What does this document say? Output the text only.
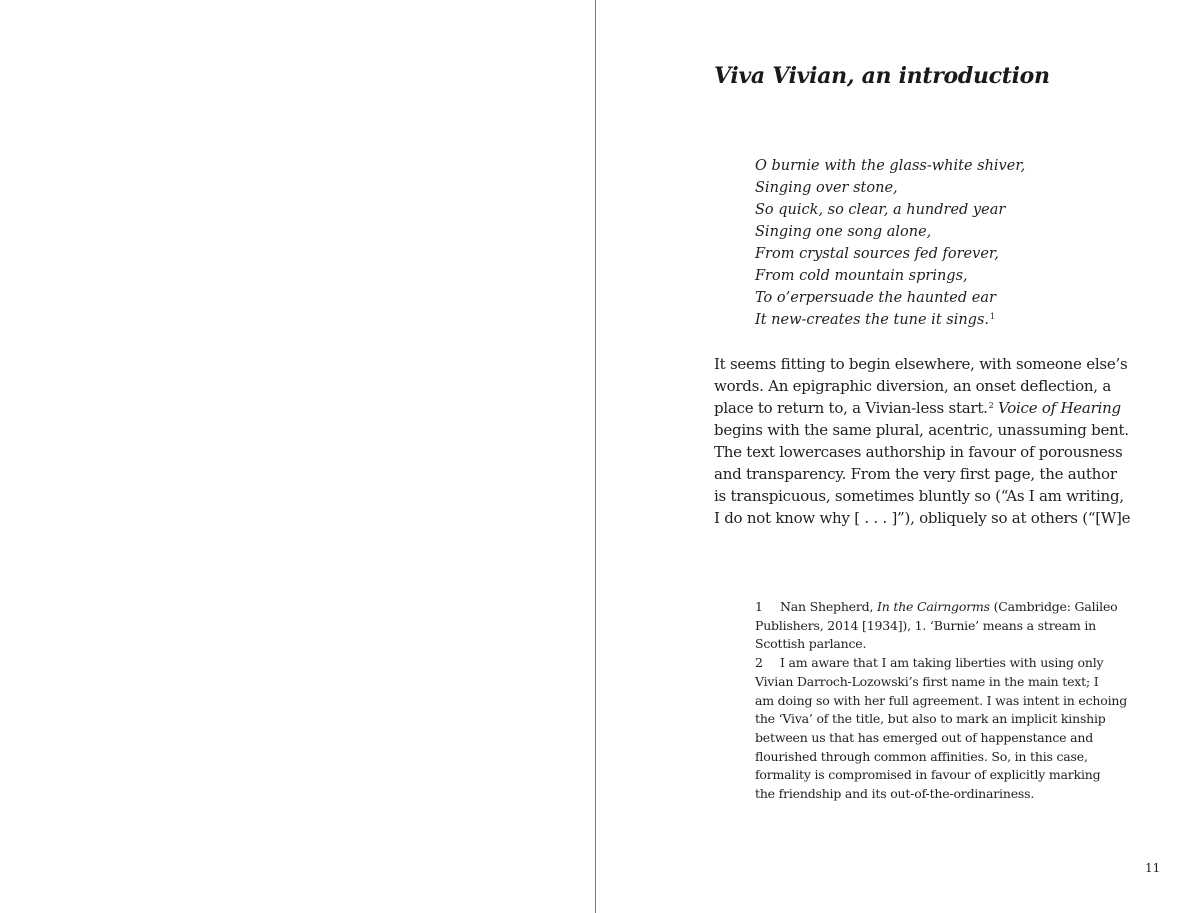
Viva Vivian, an introduction
O burnie with the glass-white shiver,
Singing over stone,
So quick, so clear, a hundred year
Singing one song alone,
From crystal sources fed forever,
From cold mountain springs,
To o’erpersuade the haunted ear
It new-creates the tune it sings.$^1$
It seems fitting to begin elsewhere, with someone else’s
words. An epigraphic diversion, an onset deflection, a
place to return to, a Vivian-less start.$^2$ Voice of Hearing
begins with the same plural, acentric, unassuming bent.
The text lowercases authorship in favour of porousness
and transparency. From the very first page, the author
is transpicuous, sometimes bluntly so (“As I am writing,
I do not know why [ . . . ]”), obliquely so at others (“[W]e
1 Nan Shepherd, In the Cairngorms (Cambridge: Galileo
Publishers, 2014 [1934]), 1. ‘Burnie’ means a stream in
Scottish parlance.
2 I am aware that I am taking liberties with using only
Vivian Darroch-Lozowski’s first name in the main text; I
am doing so with her full agreement. I was intent in echoing
the ‘Viva’ of the title, but also to mark an implicit kinship
between us that has emerged out of happenstance and
flourished through common affinities. So, in this case,
formality is compromised in favour of explicitly marking
the friendship and its out-of-the-ordinariness.
11
